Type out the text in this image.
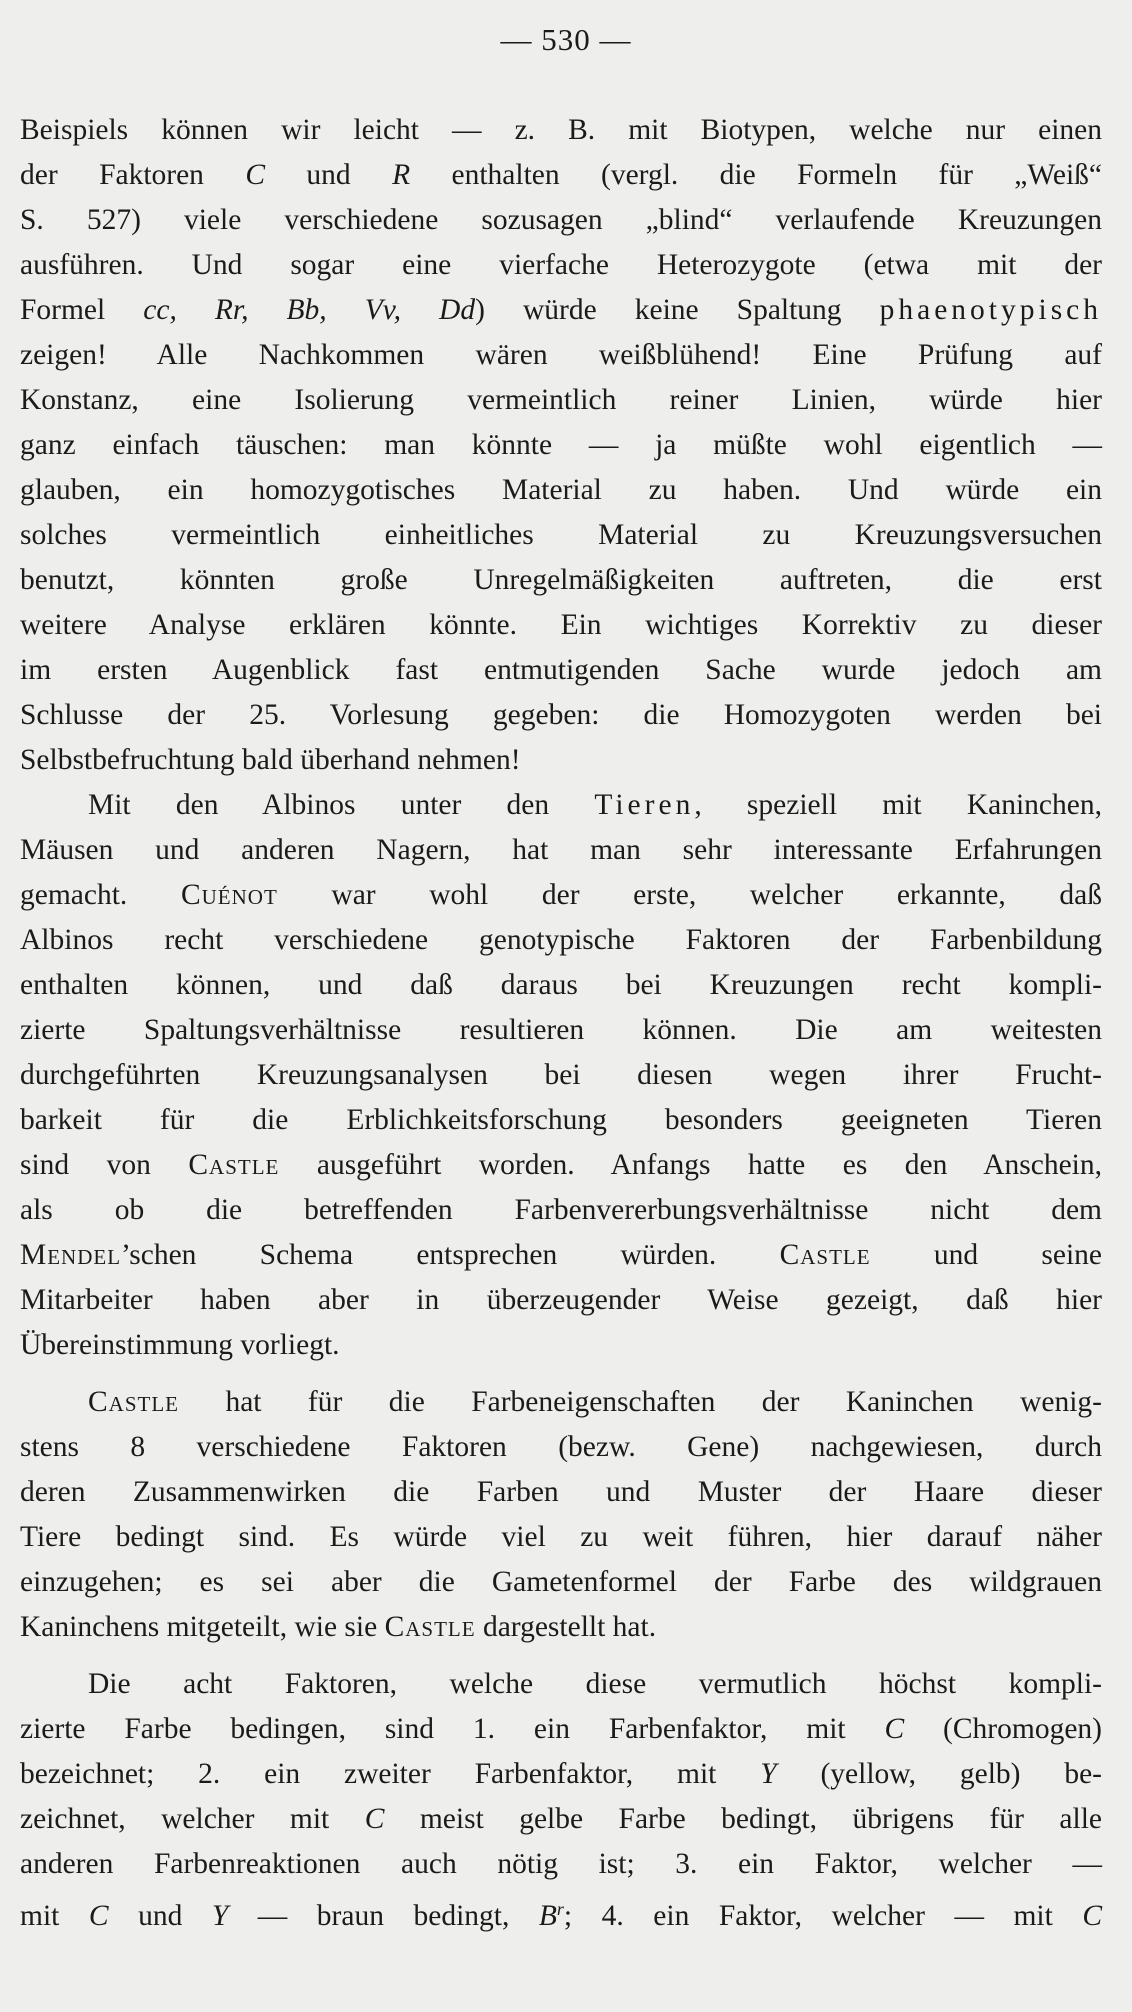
— 530 —
Beispiels können wir leicht — z. B. mit Biotypen, welche nur einen
der Faktoren C und R enthalten (vergl. die Formeln für „Weiß“
S. 527) viele verschiedene sozusagen „blind“ verlaufende Kreuzungen
ausführen. Und sogar eine vierfache Heterozygote (etwa mit der
Formel cc, Rr, Bb, Vv, Dd) würde keine Spaltung phaenotypisch
zeigen! Alle Nachkommen wären weißblühend! Eine Prüfung auf
Konstanz, eine Isolierung vermeintlich reiner Linien, würde hier
ganz einfach täuschen: man könnte — ja müßte wohl eigentlich —
glauben, ein homozygotisches Material zu haben. Und würde ein
solches vermeintlich einheitliches Material zu Kreuzungsversuchen
benutzt, könnten große Unregelmäßigkeiten auftreten, die erst
weitere Analyse erklären könnte. Ein wichtiges Korrektiv zu dieser
im ersten Augenblick fast entmutigenden Sache wurde jedoch am
Schlusse der 25. Vorlesung gegeben: die Homozygoten werden bei
Selbstbefruchtung bald überhand nehmen!
Mit den Albinos unter den Tieren, speziell mit Kaninchen,
Mäusen und anderen Nagern, hat man sehr interessante Erfahrungen
gemacht. Cuénot war wohl der erste, welcher erkannte, daß
Albinos recht verschiedene genotypische Faktoren der Farbenbildung
enthalten können, und daß daraus bei Kreuzungen recht kompli-
zierte Spaltungsverhältnisse resultieren können. Die am weitesten
durchgeführten Kreuzungsanalysen bei diesen wegen ihrer Frucht-
barkeit für die Erblichkeitsforschung besonders geeigneten Tieren
sind von Castle ausgeführt worden. Anfangs hatte es den Anschein,
als ob die betreffenden Farbenvererbungsverhältnisse nicht dem
Mendel’schen Schema entsprechen würden. Castle und seine
Mitarbeiter haben aber in überzeugender Weise gezeigt, daß hier
Übereinstimmung vorliegt.
Castle hat für die Farbeneigenschaften der Kaninchen wenig-
stens 8 verschiedene Faktoren (bezw. Gene) nachgewiesen, durch
deren Zusammenwirken die Farben und Muster der Haare dieser
Tiere bedingt sind. Es würde viel zu weit führen, hier darauf näher
einzugehen; es sei aber die Gametenformel der Farbe des wildgrauen
Kaninchens mitgeteilt, wie sie Castle dargestellt hat.
Die acht Faktoren, welche diese vermutlich höchst kompli-
zierte Farbe bedingen, sind 1. ein Farbenfaktor, mit C (Chromogen)
bezeichnet; 2. ein zweiter Farbenfaktor, mit Y (yellow, gelb) be-
zeichnet, welcher mit C meist gelbe Farbe bedingt, übrigens für alle
anderen Farbenreaktionen auch nötig ist; 3. ein Faktor, welcher —
mit C und Y — braun bedingt, $B^r$; 4. ein Faktor, welcher — mit C
